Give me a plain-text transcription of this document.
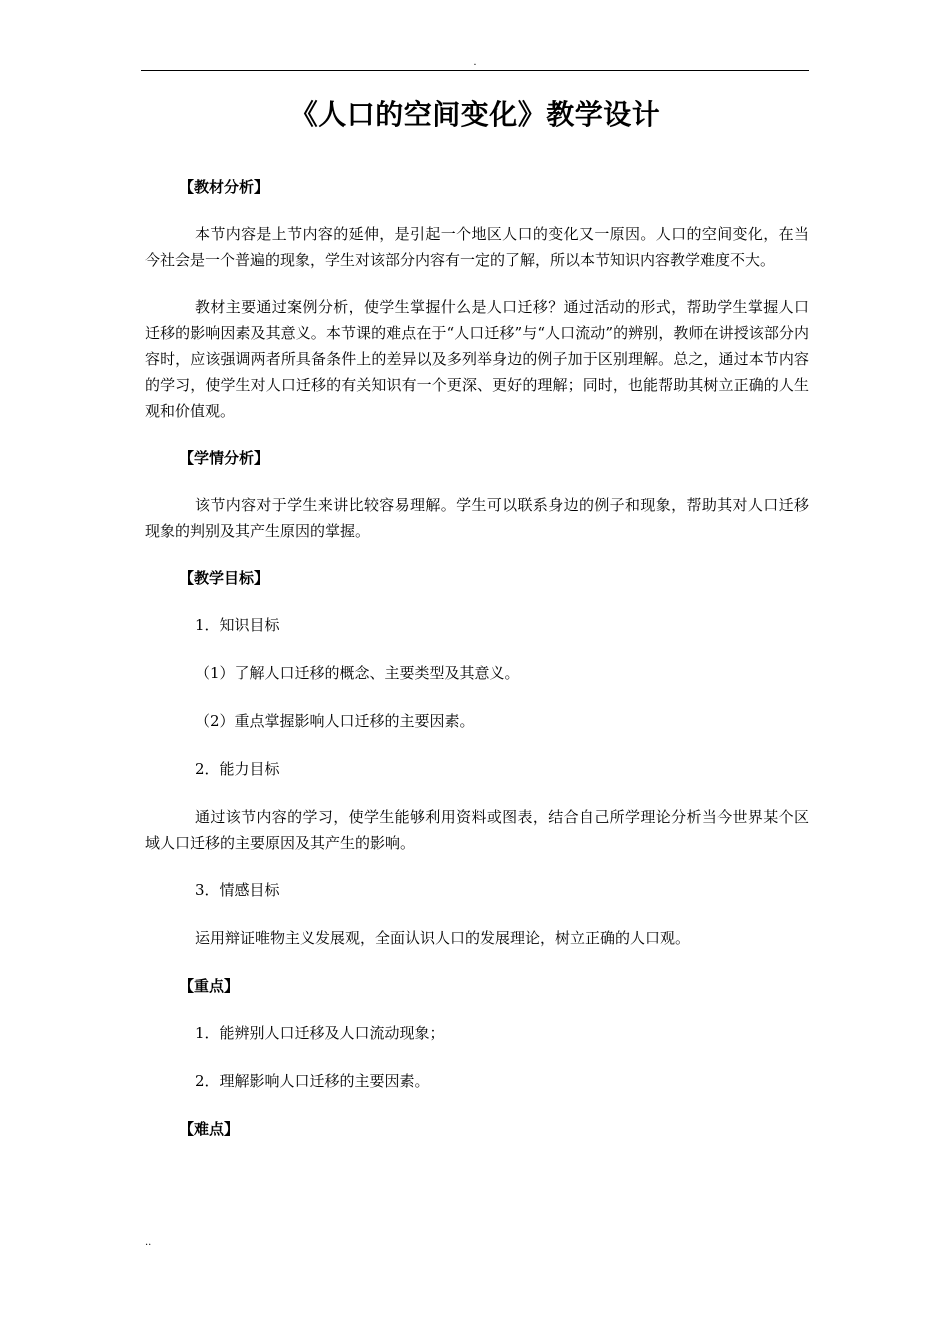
.
《人口的空间变化》教学设计
【教材分析】
本节内容是上节内容的延伸，是引起一个地区人口的变化又一原因。人口的空间变化，在当今社会是一个普遍的现象，学生对该部分内容有一定的了解，所以本节知识内容教学难度不大。
教材主要通过案例分析，使学生掌握什么是人口迁移？通过活动的形式，帮助学生掌握人口迁移的影响因素及其意义。本节课的难点在于“人口迁移”与“人口流动”的辨别，教师在讲授该部分内容时，应该强调两者所具备条件上的差异以及多列举身边的例子加于区别理解。总之，通过本节内容的学习，使学生对人口迁移的有关知识有一个更深、更好的理解；同时，也能帮助其树立正确的人生观和价值观。
【学情分析】
该节内容对于学生来讲比较容易理解。学生可以联系身边的例子和现象，帮助其对人口迁移现象的判别及其产生原因的掌握。
【教学目标】
1．知识目标
（1）了解人口迁移的概念、主要类型及其意义。
（2）重点掌握影响人口迁移的主要因素。
2．能力目标
通过该节内容的学习，使学生能够利用资料或图表，结合自己所学理论分析当今世界某个区域人口迁移的主要原因及其产生的影响。
3．情感目标
运用辩证唯物主义发展观，全面认识人口的发展理论，树立正确的人口观。
【重点】
1．能辨别人口迁移及人口流动现象；
2．理解影响人口迁移的主要因素。
【难点】
..
